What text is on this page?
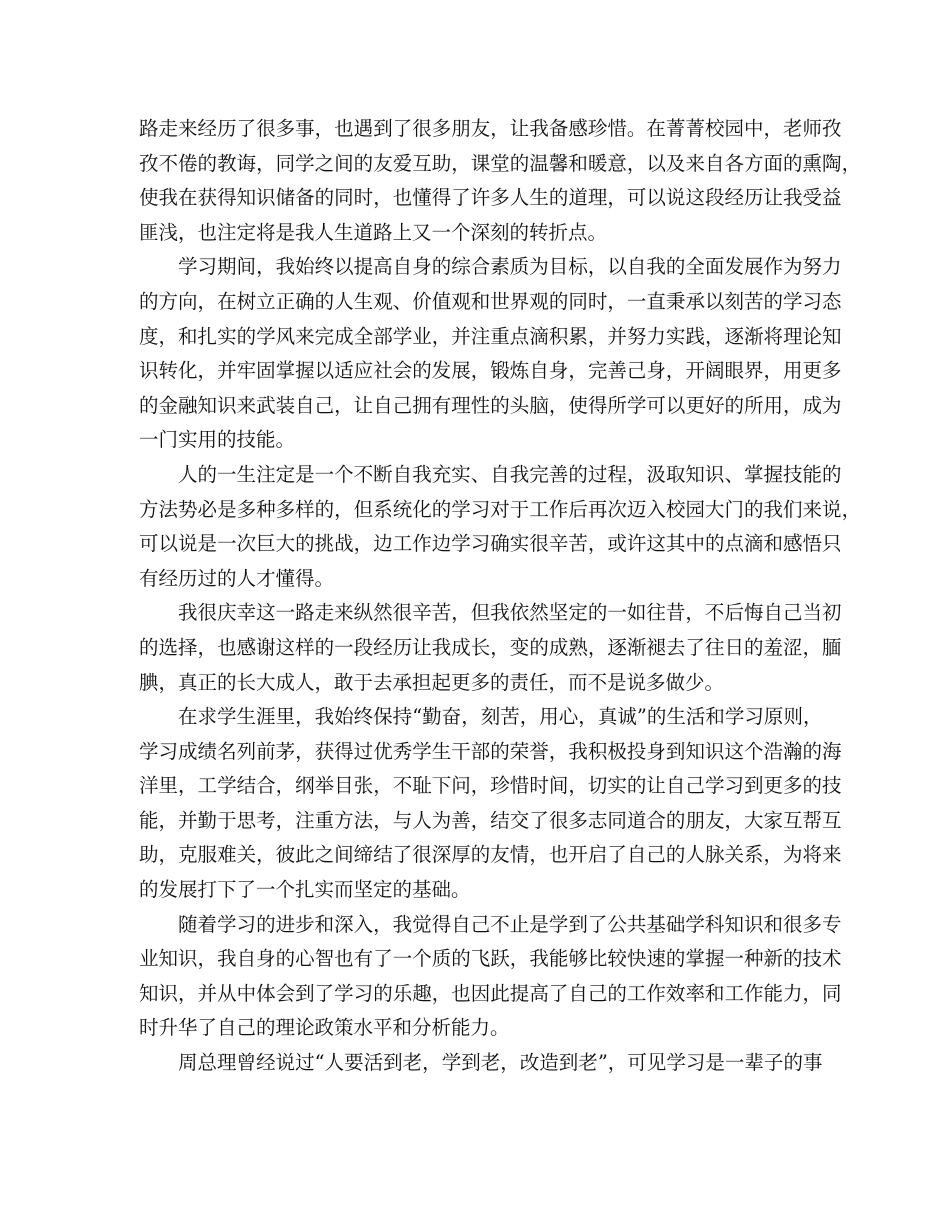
路 走 来 经 历 了 很 多 事 ， 也 遇 到 了 很 多 朋 友 ， 让 我 备 感 珍 惜 。 在 菁 菁 校 园 中 ， 老 师 孜
孜 不 倦 的 教 诲 ， 同 学 之 间 的 友 爱 互 助 ， 课 堂 的 温 馨 和 暖 意 ， 以 及 来 自 各 方 面 的 熏 陶 ，
使 我 在 获 得 知 识 储 备 的 同 时 ， 也 懂 得 了 许 多 人 生 的 道 理 ， 可 以 说 这 段 经 历 让 我 受 益
匪浅，也注定将是我人生道路上又一个深刻的转折点。
学 习 期 间 ， 我 始 终 以 提 高 自 身 的 综 合 素 质 为 目 标 ， 以 自 我 的 全 面 发 展 作 为 努 力
的 方 向 ， 在 树 立 正 确 的 人 生 观 、 价 值 观 和 世 界 观 的 同 时 ， 一 直 秉 承 以 刻 苦 的 学 习 态
度 ， 和 扎 实 的 学 风 来 完 成 全 部 学 业 ， 并 注 重 点 滴 积 累 ， 并 努 力 实 践 ， 逐 渐 将 理 论 知
识 转 化 ， 并 牢 固 掌 握 以 适 应 社 会 的 发 展 ， 锻 炼 自 身 ， 完 善 己 身 ， 开 阔 眼 界 ， 用 更 多
的 金 融 知 识 来 武 装 自 己 ， 让 自 己 拥 有 理 性 的 头 脑 ， 使 得 所 学 可 以 更 好 的 所 用 ， 成 为
一门实用的技能。
人 的 一 生 注 定 是 一 个 不 断 自 我 充 实 、 自 我 完 善 的 过 程 ， 汲 取 知 识 、 掌 握 技 能 的
方 法 势 必 是 多 种 多 样 的 ， 但 系 统 化 的 学 习 对 于 工 作 后 再 次 迈 入 校 园 大 门 的 我 们 来 说 ，
可 以 说 是 一 次 巨 大 的 挑 战 ， 边 工 作 边 学 习 确 实 很 辛 苦 ， 或 许 这 其 中 的 点 滴 和 感 悟 只
有经历过的人才懂得。
我 很 庆 幸 这 一 路 走 来 纵 然 很 辛 苦 ， 但 我 依 然 坚 定 的 一 如 往 昔 ， 不 后 悔 自 己 当 初
的 选 择 ， 也 感 谢 这 样 的 一 段 经 历 让 我 成 长 ， 变 的 成 熟 ， 逐 渐 褪 去 了 往 日 的 羞 涩 ， 腼
腆，真正的长大成人，敢于去承担起更多的责任，而不是说多做少。
在 求 学 生 涯 里 ， 我 始 终 保 持 “ 勤 奋 ， 刻 苦 ， 用 心 ， 真 诚 ” 的 生 活 和 学 习 原 则 ，
学 习 成 绩 名 列 前 茅 ， 获 得 过 优 秀 学 生 干 部 的 荣 誉 ， 我 积 极 投 身 到 知 识 这 个 浩 瀚 的 海
洋 里 ， 工 学 结 合 ， 纲 举 目 张 ， 不 耻 下 问 ， 珍 惜 时 间 ， 切 实 的 让 自 己 学 习 到 更 多 的 技
能 ， 并 勤 于 思 考 ， 注 重 方 法 ， 与 人 为 善 ， 结 交 了 很 多 志 同 道 合 的 朋 友 ， 大 家 互 帮 互
助 ， 克 服 难 关 ， 彼 此 之 间 缔 结 了 很 深 厚 的 友 情 ， 也 开 启 了 自 己 的 人 脉 关 系 ， 为 将 来
的发展打下了一个扎实而坚定的基础。
随 着 学 习 的 进 步 和 深 入 ， 我 觉 得 自 己 不 止 是 学 到 了 公 共 基 础 学 科 知 识 和 很 多 专
业 知 识 ， 我 自 身 的 心 智 也 有 了 一 个 质 的 飞 跃 ， 我 能 够 比 较 快 速 的 掌 握 一 种 新 的 技 术
知 识 ， 并 从 中 体 会 到 了 学 习 的 乐 趣 ， 也 因 此 提 高 了 自 己 的 工 作 效 率 和 工 作 能 力 ， 同
时升华了自己的理论政策水平和分析能力。
周 总 理 曾 经 说 过 “ 人 要 活 到 老 ， 学 到 老 ， 改 造 到 老 ” ， 可 见 学 习 是 一 辈 子 的 事
